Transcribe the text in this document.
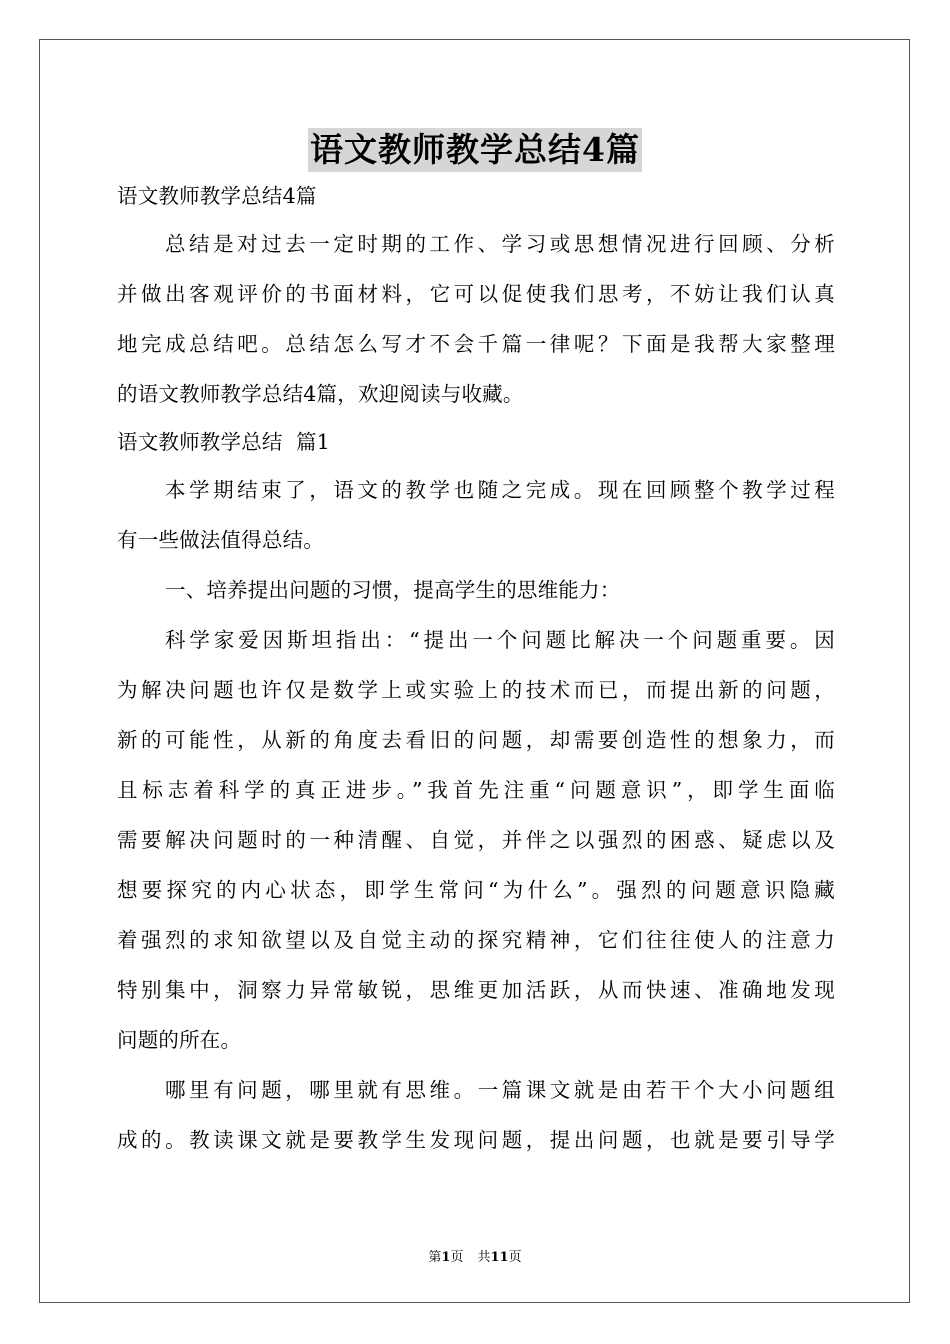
语文教师教学总结4篇
语文教师教学总结4篇
总结是对过去一定时期的工作、学习或思想情况进行回顾、分析
并做出客观评价的书面材料，它可以促使我们思考，不妨让我们认真
地完成总结吧。总结怎么写才不会千篇一律呢？下面是我帮大家整理
的语文教师教学总结4篇，欢迎阅读与收藏。
语文教师教学总结  篇1
本学期结束了，语文的教学也随之完成。现在回顾整个教学过程
有一些做法值得总结。
一、培养提出问题的习惯，提高学生的思维能力：
科学家爱因斯坦指出：“提出一个问题比解决一个问题重要。因
为解决问题也许仅是数学上或实验上的技术而已，而提出新的问题，
新的可能性，从新的角度去看旧的问题，却需要创造性的想象力，而
且标志着科学的真正进步。”我首先注重“问题意识”，即学生面临
需要解决问题时的一种清醒、自觉，并伴之以强烈的困惑、疑虑以及
想要探究的内心状态，即学生常问“为什么”。强烈的问题意识隐藏
着强烈的求知欲望以及自觉主动的探究精神，它们往往使人的注意力
特别集中，洞察力异常敏锐，思维更加活跃，从而快速、准确地发现
问题的所在。
哪里有问题，哪里就有思维。一篇课文就是由若干个大小问题组
成的。教读课文就是要教学生发现问题，提出问题，也就是要引导学
第1页 共11页
